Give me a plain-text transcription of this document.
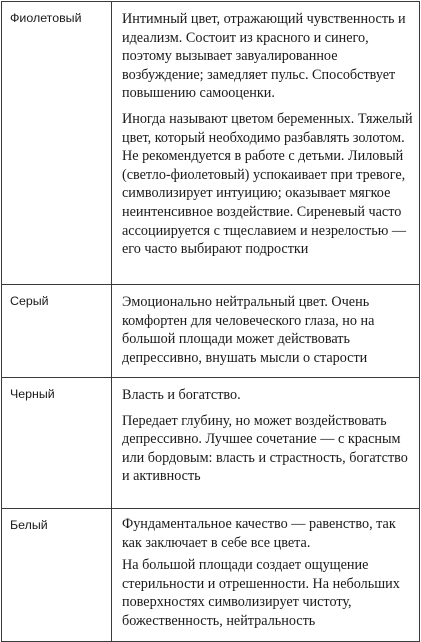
Фиолетовый	Интимный цвет, отражающий чувственность и идеализм. Состоит из красного и синего, поэтому вызывает завуалированное возбуждение; замедляет пульс. Способствует повышению самооценки.

Иногда называют цветом беременных. Тяжелый цвет, который необходимо разбавлять золотом. Не рекомендуется в работе с детьми. Лиловый (светло-фиолетовый) успокаивает при тревоге, символизирует интуицию; оказывает мягкое неинтенсивное воздействие. Сиреневый часто ассоциируется с тщеславием и незрелостью — его часто выбирают подростки

Серый	Эмоционально нейтральный цвет. Очень комфортен для человеческого глаза, но на большой площади может действовать депрессивно, внушать мысли о старости

Черный	Власть и богатство.

Передает глубину, но может воздействовать депрессивно. Лучшее сочетание — с красным или бордовым: власть и страстность, богатство и активность

Белый	Фундаментальное качество — равенство, так как заключает в себе все цвета.

На большой площади создает ощущение стерильности и отрешенности. На небольших поверхностях символизирует чистоту, божественность, нейтральность
